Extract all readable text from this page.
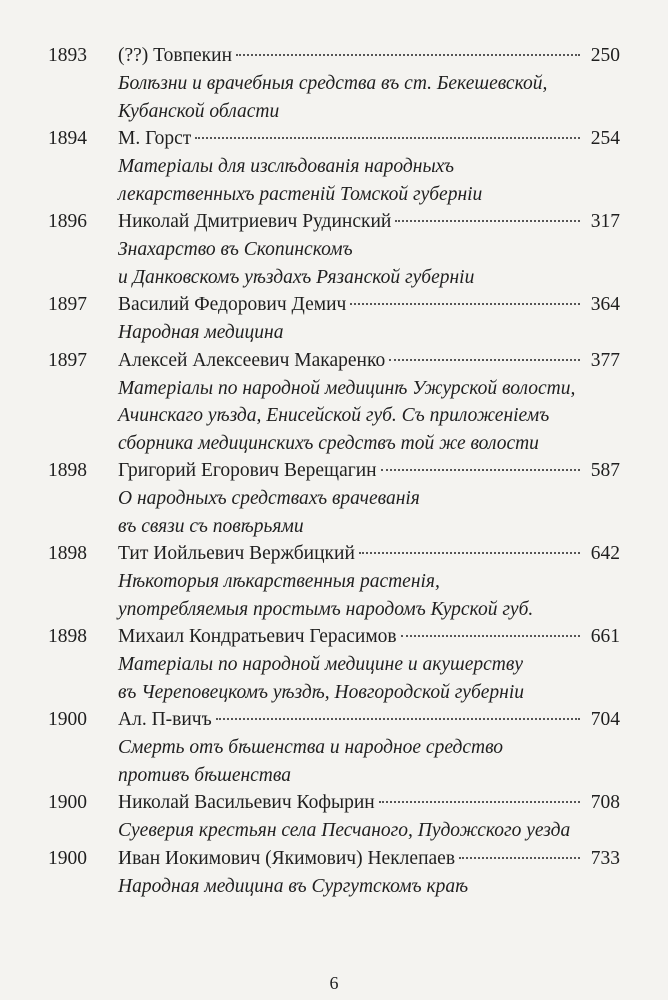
1893	(??) Товпекин	250
Болѣзни и врачебныя средства въ ст. Бекешевской,
Кубанской области
1894	М. Горст	254
Матеріалы для изслѣдованія народныхъ
лекарственныхъ растеній Томской губерніи
1896	Николай Дмитриевич Рудинский	317
Знахарство въ Скопинскомъ
и Данковскомъ уѣздахъ Рязанской губерніи
1897	Василий Федорович Демич	364
Народная медицина
1897	Алексей Алексеевич Макаренко	377
Матеріалы по народной медицинѣ Ужурской волости,
Ачинскаго уѣзда, Енисейской губ. Съ приложеніемъ
сборника медицинскихъ средствъ той же волости
1898	Григорий Егорович Верещагин	587
О народныхъ средствахъ врачеванія
въ связи съ повѣрьями
1898	Тит Иойльевич Вержбицкий	642
Нѣкоторыя лѣкарственныя растенія,
употребляемыя простымъ народомъ Курской губ.
1898	Михаил Кондратьевич Герасимов	661
Матеріалы по народной медицине и акушерству
въ Череповецкомъ уѣздѣ, Новгородской губерніи
1900	Ал. П-вичъ	704
Смерть отъ бѣшенства и народное средство
противъ бѣшенства
1900	Николай Васильевич Кофырин	708
Суеверия крестьян села Песчаного, Пудожского уезда
1900	Иван Иокимович (Якимович) Неклепаев	733
Народная медицина въ Сургутскомъ краѣ
6
